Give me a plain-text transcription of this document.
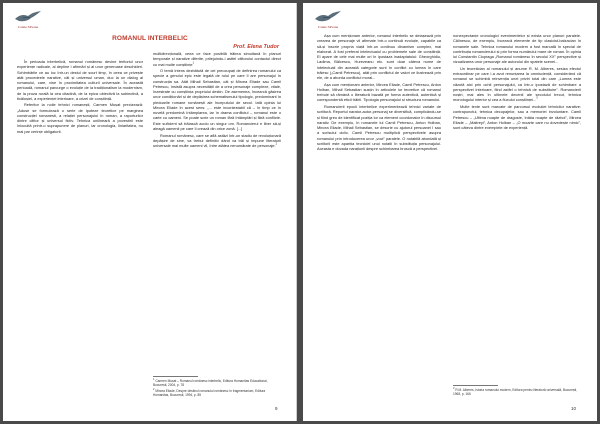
Caiete Silvane
ROMANUL INTERBELIC
Prof. Elena Tudor

În perioada interbelică, romanul românesc devine teritoriul unor experiențe radicale, al depline i afirmări și al unor generoase deschideri. Schimbările ce au loc într-un destul de scurt timp, în ceea ce privește atât procedeele narative, cât și universul uman, duc la un dialog al romanului, care, vine în proximitatea culturii universale. În această perioadă, romanul parcurge o evoluție de la tradiționalism la modernism, de la proza rurală la cea citadină, de la epica obiectivă la subiectivă, a ticăloșiei, a experienței interioare, a crizei de conștiință.

Referitor la noile tehnici romanești, Carmen Mușat precizează: „Aduse se formulează o serie de ipoteze teoretice pe marginea construcției romanesti, a relației personajului în roman, a raporturilor dintre cititor și universul fictiv. Tehnica unilineară a povestirii este înlocuită printr-o suprapunere de planuri, iar cronologia, liniaritatea, nu mai par cerințe obligatorii.

multidirecțională, ceea ce face posibilă trăirea simultană în planuri temporale și narative diferite, prilejuindu-i astfel cititorului contactul direct cu mai multe conștiințe$^1$

O temă intens dezbătută de cei preocupați de definirea romanului ca specie a genului epic este legată de rolul pe care îl are personajul în construcția sa. Atât Mihail Sebastian, cât și Mircea Eliade sau Camil Petrescu, însistă asupra necesității de a crea personaje complexe, vitale, înzestrate cu conștiința propriului destin. De asemenea, încearcă găsirea unor condiționări și de depășirea schematismului tipologic, predominant în pledoarile romane românești ale începutului de secol. Iată opinia lui Mircea Eliade în acest sens: „... este incontestabil că – în timp ce în nuvelă predomină întâmplarea, iar în drama conflictul – romanul este o carte cu oameni. Se poate scrie un roman fără întâmplări și fără conflicte. Este suficient să trăiască acolo un singur om. Romancierul e liber să-și aleagă oamenii pe care îi crează din orice zonă. [...]

Romanul românesc, care se află astăzi într-un stadiu de revoluționară depășire de sine, va trebui definitiv dând va trăi și impune literaturii universale mai multe oameni vii, între atâtea nenumărate de personaje.$^2$

$^1$ Carmen Mușat – Romanul românesc interbelic, Editura Humanitas Educational, București, 2004, p. 78
$^2$ Mircea Eliade, Despre destinul romanului românesc în fragmentarium, Editura Humanitas, București, 1994, p. 85
9
Caiete Silvane

Așa cum menționam anterior, romanul interbelic se detașează prin crearea de personaje vii afirmate într-o continuă evoluție, capabile ca să-și înscrie propria viață într-un continuu dinamism complex, mai elaborat. A fost preferat intelectualul cu problemele sale de conștiință. El apare de cele mai multe ori în ipostaza inadaptatului: Gheorghidiu, Ladima, Bălcescu, Hurezeanu etc. sunt doar câteva nume de intelectuali din această categorie sunt în conflict cu lumea în care trăiesc („Camil Petrescu), atât prin conflictul de valori ce ilustrează prin ele, de a aborda conflictul moral...

Așa cum menționam anterior, Mircea Eliade, Camil Petrescu, Anton Holban, Mihail Sebastian susțin în articolele lor teoretice că romanul trebuie să rămână o literatură bazată pe forma autentică, autentică și corespondentă eticii trăirii. Tipologia personajului și structura romanului.

Romancierii epocii interbelice experimentează tehnici variate de scriitură. Reportul narator-autor-personaj se diversifică, complicându-se și fiind greu de identificat poziția lor ca element coordonator în discursul narativ. De exemplu, în romanele lui Camil Petrescu, Anton Holban, Mircea Eliade, Mihail Sebastian, se descrie cu ajutorul persoanei I sau a scrisului ciclic. Camil Petrescu multiplică perspectivele asupra romanului prin introducerea unor „voci” paralele. O notabilă abordată și scriitorii este apariția tecniciei unui notatii în substituția personajului. Aceasta e dovada narațiunii despre schimbarea bruscă a perspectivei.

nonexpectanțe cronologici evenimentelor și exista unor planuri paralele. Călinescu, de exemplu, încearcă elemente de tip clasicist-balzacian în romanele sale. Tehnica romanului modern a fost marcată în special de contribuția romancierului și prin forma numărului mare de roman. În opinia lui Constantin Ciopraga „Romanul românesc în secolul XX” perspective și vizualizarea unor personaje ale autorului din spatele scenei...

Un teoretician al romanului și anume R. M. Alberes, sesiza efectul extraordinar pe care l-a avut renunțarea la omnisciență, considerând că romanul se schimbă reinvenția unei priviri total din care „Lumea este văzută aici prin ochii personajului, ca într-o ipostază de schimbare a perspectivei interioare, fiind astfel o tehnică de substituire”. Romancierii noștri, mai ales în ultimele decenii ale secolului trecut, tehnica monologului interior și cea a fluxului conștiinței...$^3$

Multe texte sunt marcate de parcursul evoluției tehnicilor narative: contrapunctul, tehnica decupajelor, sau a memoriei involuntare. Camil Petrescu – „Ultima noapte de dragoste, întâia noapte de război”, Mircea Eliade – „Maitreyi”, Anton Holban – „O moarte care nu dovedește nimic”, sunt câteva dintre exemplele de experiență.

$^3$ R.M. Alberes, Istoria romanului modern, Editura pentru literatură universală, București, 1968, p. 166
10
